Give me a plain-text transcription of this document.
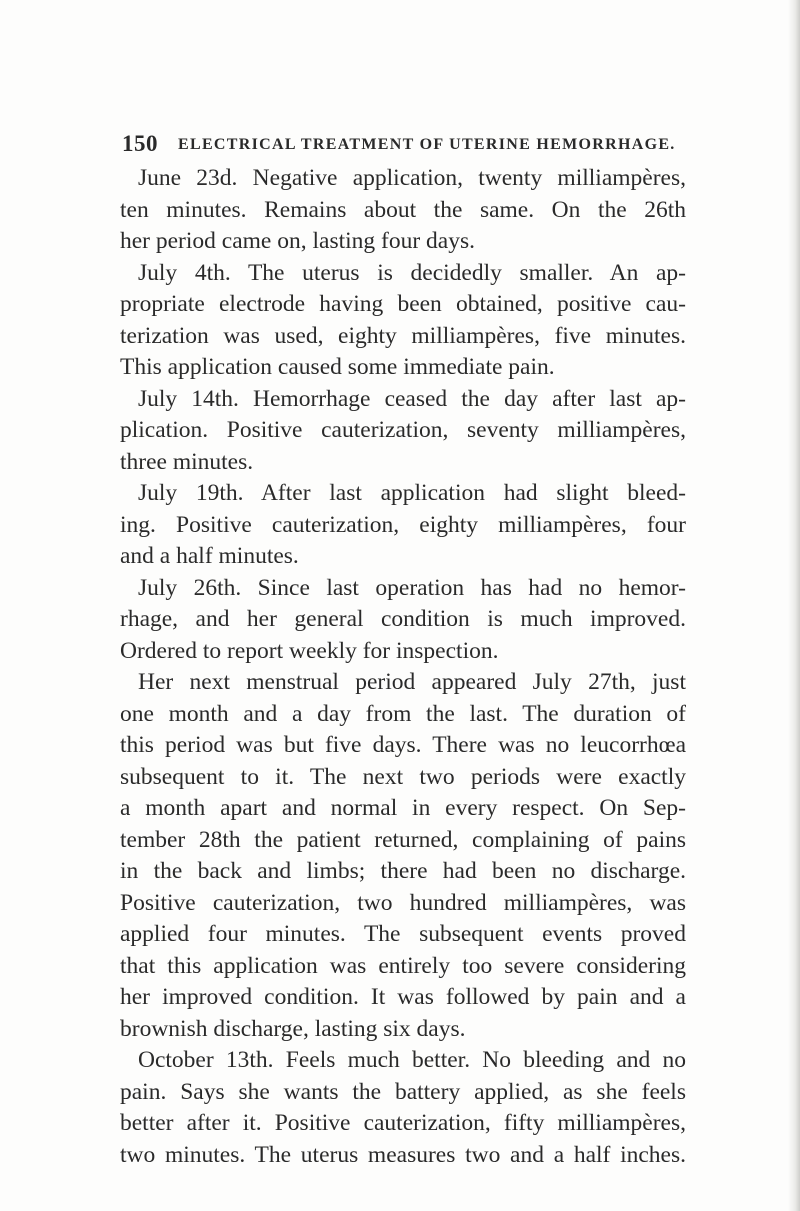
150 ELECTRICAL TREATMENT OF UTERINE HEMORRHAGE.
June 23d. Negative application, twenty milliampères,
ten minutes. Remains about the same. On the 26th
her period came on, lasting four days.
July 4th. The uterus is decidedly smaller. An ap-
propriate electrode having been obtained, positive cau-
terization was used, eighty milliampères, five minutes.
This application caused some immediate pain.
July 14th. Hemorrhage ceased the day after last ap-
plication. Positive cauterization, seventy milliampères,
three minutes.
July 19th. After last application had slight bleed-
ing. Positive cauterization, eighty milliampères, four
and a half minutes.
July 26th. Since last operation has had no hemor-
rhage, and her general condition is much improved.
Ordered to report weekly for inspection.
Her next menstrual period appeared July 27th, just
one month and a day from the last. The duration of
this period was but five days. There was no leucorrhœa
subsequent to it. The next two periods were exactly
a month apart and normal in every respect. On Sep-
tember 28th the patient returned, complaining of pains
in the back and limbs; there had been no discharge.
Positive cauterization, two hundred milliampères, was
applied four minutes. The subsequent events proved
that this application was entirely too severe considering
her improved condition. It was followed by pain and a
brownish discharge, lasting six days.
October 13th. Feels much better. No bleeding and no
pain. Says she wants the battery applied, as she feels
better after it. Positive cauterization, fifty milliampères,
two minutes. The uterus measures two and a half inches.
